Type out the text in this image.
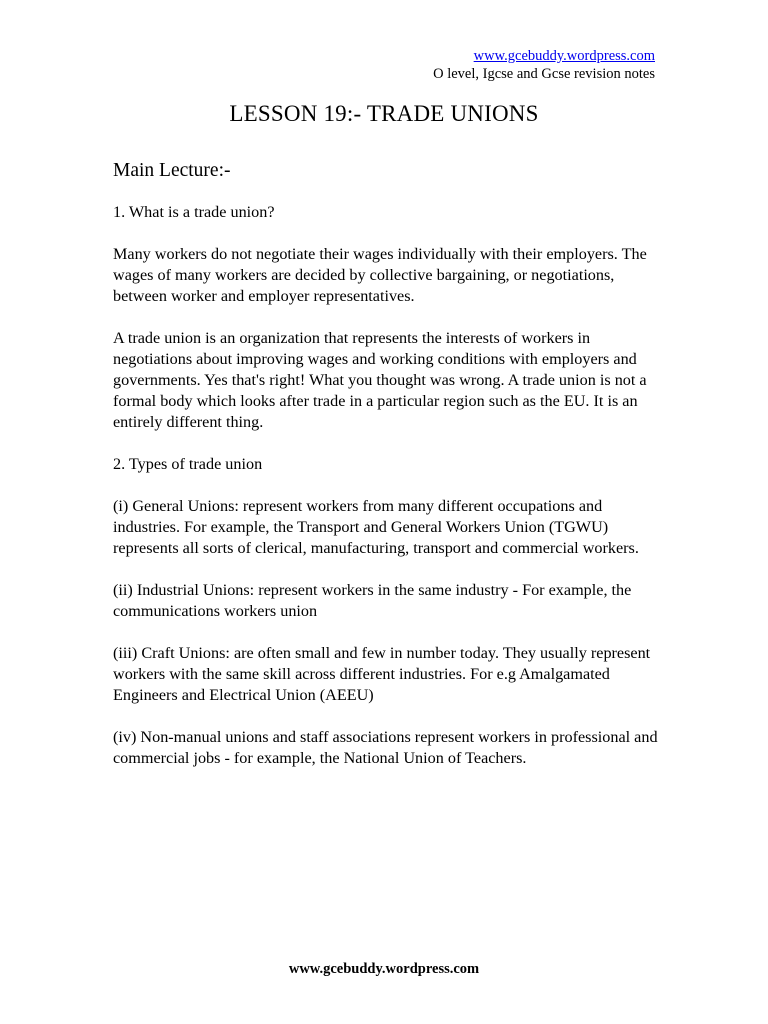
www.gcebuddy.wordpress.com
O level, Igcse and Gcse revision notes
LESSON 19:- TRADE UNIONS
Main Lecture:-

1. What is a trade union?

Many workers do not negotiate their wages individually with their employers. The wages of many workers are decided by collective bargaining, or negotiations, between worker and employer representatives.

A trade union is an organization that represents the interests of workers in negotiations about improving wages and working conditions with employers and governments. Yes that's right! What you thought was wrong. A trade union is not a formal body which looks after trade in a particular region such as the EU. It is an entirely different thing.

2. Types of trade union

(i) General Unions: represent workers from many different occupations and industries. For example, the Transport and General Workers Union (TGWU) represents all sorts of clerical, manufacturing, transport and commercial workers.

(ii) Industrial Unions: represent workers in the same industry - For example, the communications workers union

(iii) Craft Unions: are often small and few in number today. They usually represent workers with the same skill across different industries. For e.g Amalgamated Engineers and Electrical Union (AEEU)

(iv) Non-manual unions and staff associations represent workers in professional and commercial jobs - for example, the National Union of Teachers.

www.gcebuddy.wordpress.com
